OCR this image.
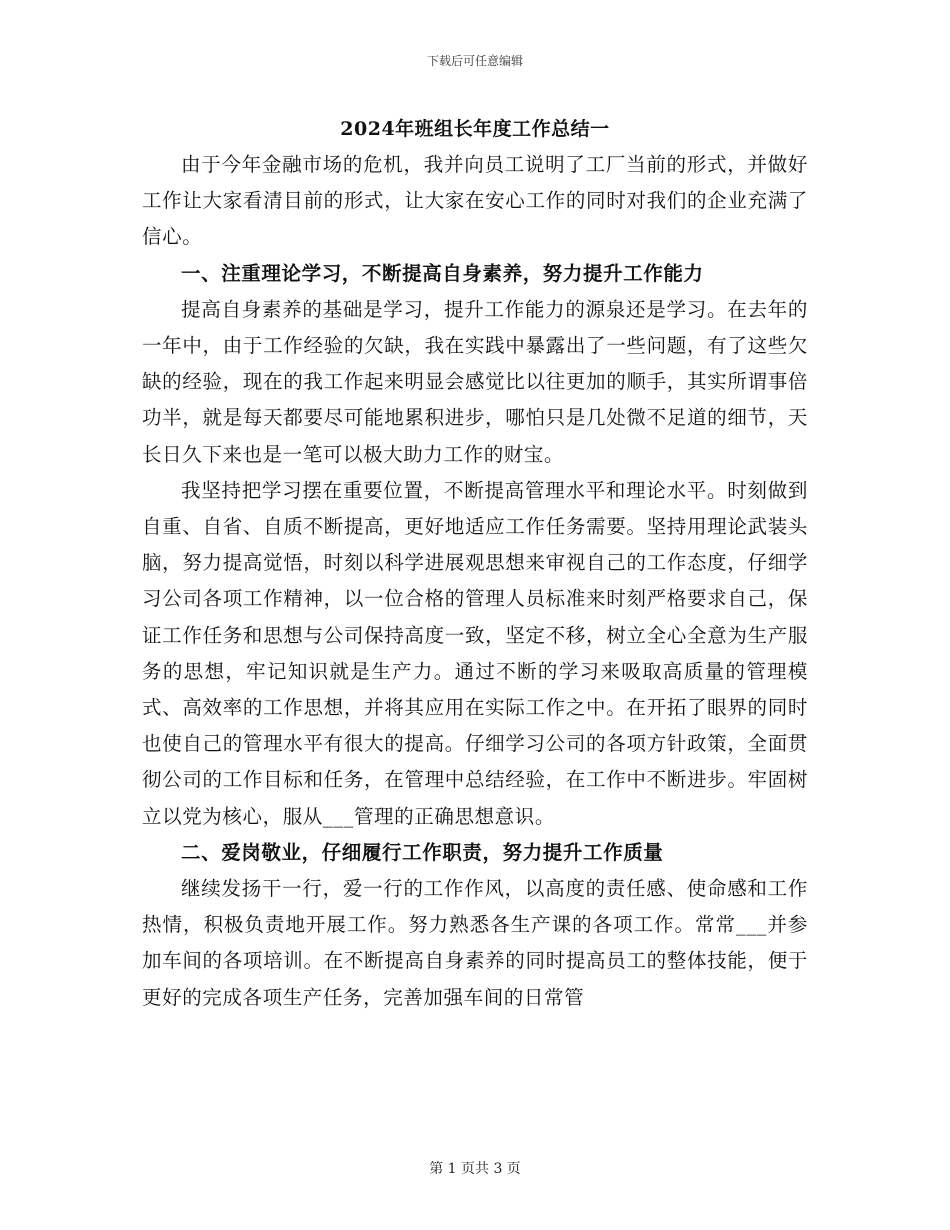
下载后可任意编辑
2024年班组长年度工作总结一

由于今年金融市场的危机，我并向员工说明了工厂当前的形式，并做好工作让大家看清目前的形式，让大家在安心工作的同时对我们的企业充满了信心。

一、注重理论学习，不断提高自身素养，努力提升工作能力

提高自身素养的基础是学习，提升工作能力的源泉还是学习。在去年的一年中，由于工作经验的欠缺，我在实践中暴露出了一些问题，有了这些欠缺的经验，现在的我工作起来明显会感觉比以往更加的顺手，其实所谓事倍功半，就是每天都要尽可能地累积进步，哪怕只是几处微不足道的细节，天长日久下来也是一笔可以极大助力工作的财宝。

我坚持把学习摆在重要位置，不断提高管理水平和理论水平。时刻做到自重、自省、自质不断提高，更好地适应工作任务需要。坚持用理论武装头脑，努力提高觉悟，时刻以科学进展观思想来审视自己的工作态度，仔细学习公司各项工作精神，以一位合格的管理人员标准来时刻严格要求自己，保证工作任务和思想与公司保持高度一致，坚定不移，树立全心全意为生产服务的思想，牢记知识就是生产力。通过不断的学习来吸取高质量的管理模式、高效率的工作思想，并将其应用在实际工作之中。在开拓了眼界的同时也使自己的管理水平有很大的提高。仔细学习公司的各项方针政策，全面贯彻公司的工作目标和任务，在管理中总结经验，在工作中不断进步。牢固树立以党为核心，服从___管理的正确思想意识。

二、爱岗敬业，仔细履行工作职责，努力提升工作质量

继续发扬干一行，爱一行的工作作风，以高度的责任感、使命感和工作热情，积极负责地开展工作。努力熟悉各生产课的各项工作。常常___并参加车间的各项培训。在不断提高自身素养的同时提高员工的整体技能，便于更好的完成各项生产任务，完善加强车间的日常管

第 1 页共 3 页
